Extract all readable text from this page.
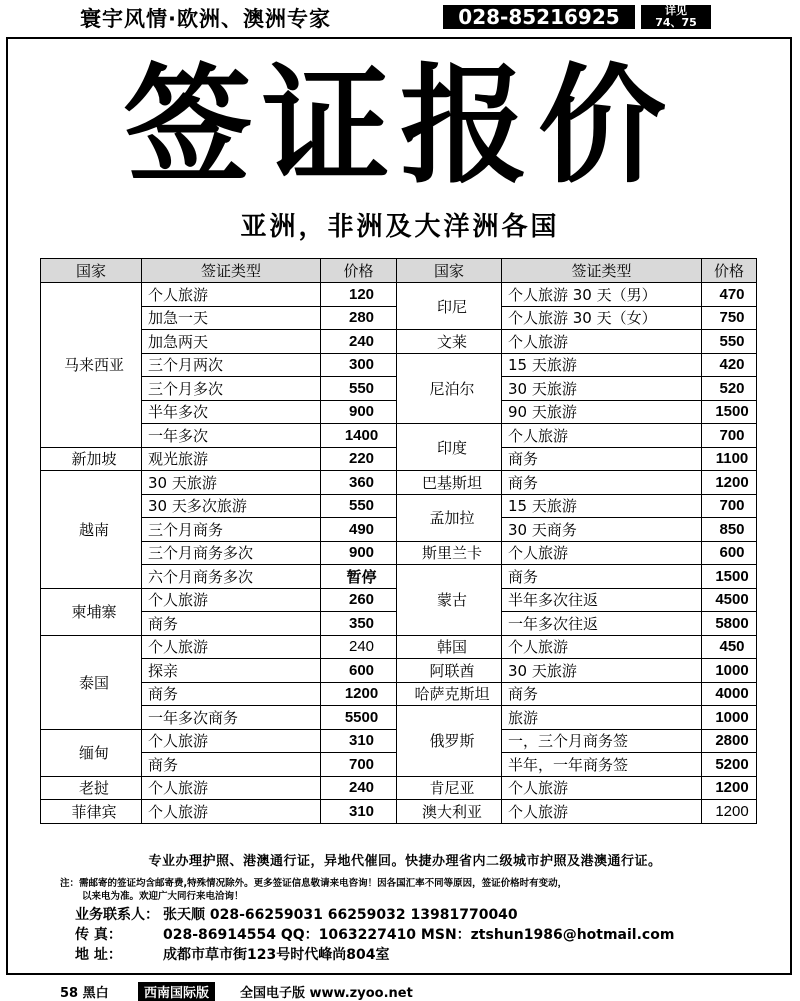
寰宇风情·欧洲、澳洲专家	028-85216925	详见
74、75
签证报价
亚洲，非洲及大洋洲各国
国家	签证类型	价格	国家	签证类型	价格
马来西亚	个人旅游	120	印尼	个人旅游 30 天（男）	470
	加急一天	280		个人旅游 30 天（女）	750
	加急两天	240	文莱	个人旅游	550
	三个月两次	300	尼泊尔	15 天旅游	420
	三个月多次	550		30 天旅游	520
	半年多次	900		90 天旅游	1500
	一年多次	1400	印度	个人旅游	700
新加坡	观光旅游	220		商务	1100
越南	30 天旅游	360	巴基斯坦	商务	1200
	30 天多次旅游	550	孟加拉	15 天旅游	700
	三个月商务	490		30 天商务	850
	三个月商务多次	900	斯里兰卡	个人旅游	600
	六个月商务多次	暂停	蒙古	商务	1500
柬埔寨	个人旅游	260		半年多次往返	4500
	商务	350		一年多次往返	5800
泰国	个人旅游	240	韩国	个人旅游	450
	探亲	600	阿联酋	30 天旅游	1000
	商务	1200	哈萨克斯坦	商务	4000
	一年多次商务	5500	俄罗斯	旅游	1000
缅甸	个人旅游	310		一，三个月商务签	2800
	商务	700		半年，一年商务签	5200
老挝	个人旅游	240	肯尼亚	个人旅游	1200
菲律宾	个人旅游	310	澳大利亚	个人旅游	1200
专业办理护照、港澳通行证，异地代催回。快捷办理省内二级城市护照及港澳通行证。
注：需邮寄的签证均含邮寄费,特殊情况除外。更多签证信息敬请来电咨询！因各国汇率不同等原因，签证价格时有变动，
以来电为准。欢迎广大同行来电洽询！
业务联系人： 张天顺 028-66259031 66259032 13981770040
传 真：	028-86914554 QQ：1063227410 MSN：ztshun1986@hotmail.com
地 址：	成都市草市街123号时代峰尚804室
58 黑白	西南国际版	全国电子版 www.zyoo.net
